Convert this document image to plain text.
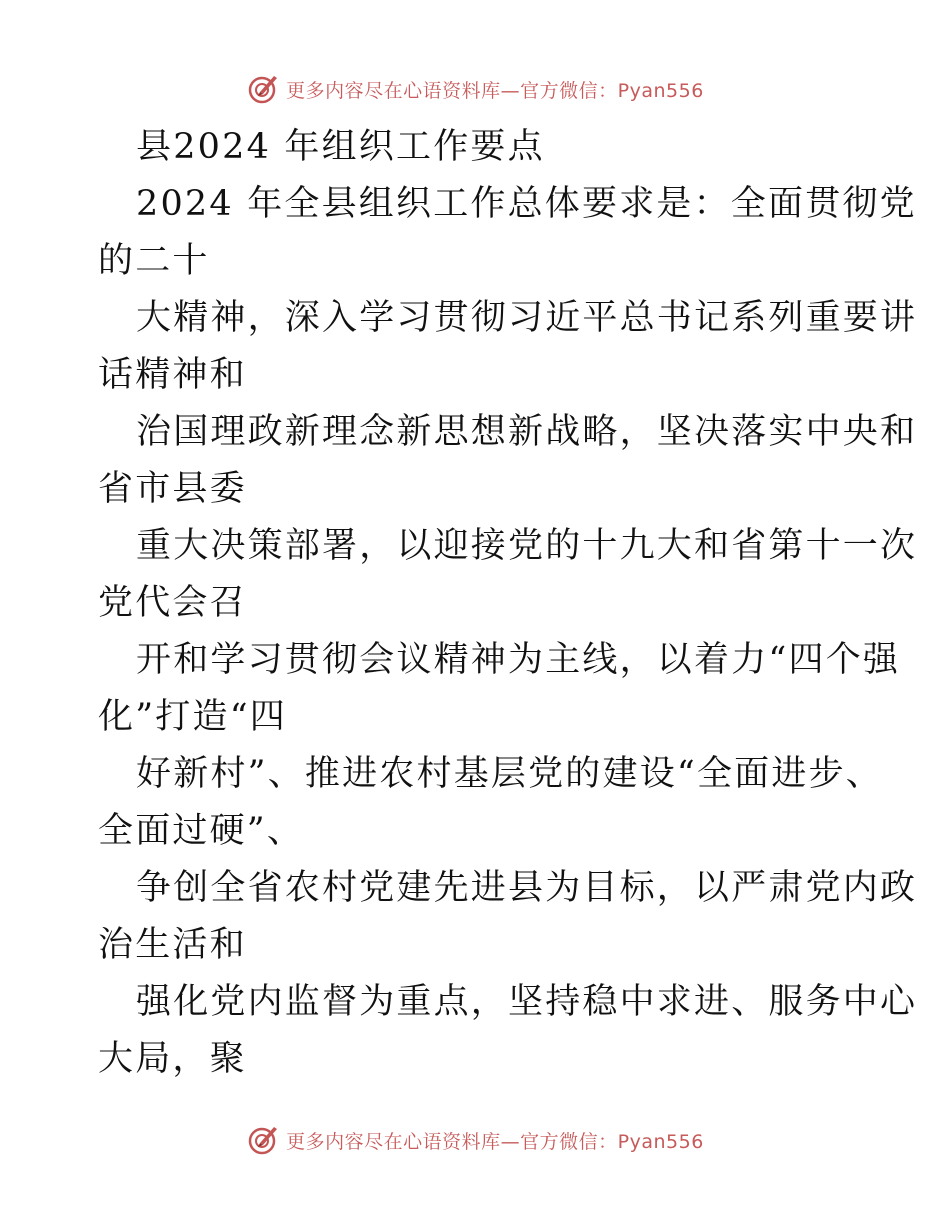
更多内容尽在心语资料库—官方微信：Pyan556
县2024 年组织工作要点
2024 年全县组织工作总体要求是：全面贯彻党
的二十
大精神，深入学习贯彻习近平总书记系列重要讲
话精神和
治国理政新理念新思想新战略，坚决落实中央和
省市县委
重大决策部署，以迎接党的十九大和省第十一次
党代会召
开和学习贯彻会议精神为主线，以着力“四个强
化”打造“四
好新村”、推进农村基层党的建设“全面进步、
全面过硬”、
争创全省农村党建先进县为目标，以严肃党内政
治生活和
强化党内监督为重点，坚持稳中求进、服务中心
大局，聚
更多内容尽在心语资料库—官方微信：Pyan556
